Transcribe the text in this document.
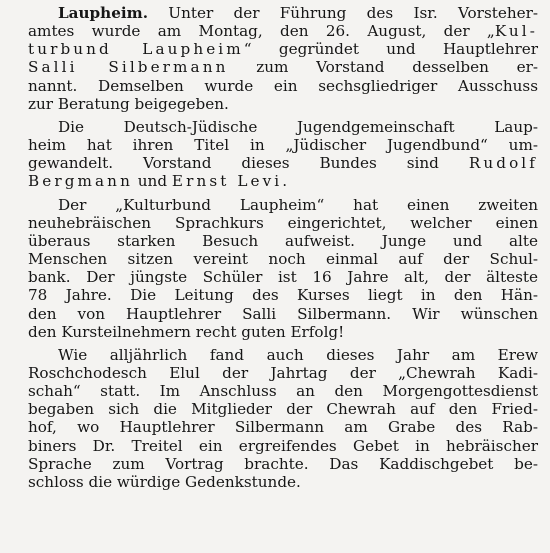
Laupheim. Unter der Führung des Isr. Vorsteher-
amtes wurde am Montag, den 26. August, der „Kul-
turbund Laupheim“ gegründet und Hauptlehrer
Salli Silbermann zum Vorstand desselben er-
nannt. Demselben wurde ein sechsgliedriger Ausschuss
zur Beratung beigegeben.
Die Deutsch-Jüdische Jugendgemeinschaft Laup-
heim hat ihren Titel in „Jüdischer Jugendbund“ um-
gewandelt. Vorstand dieses Bundes sind Rudolf
Bergmann und Ernst Levi.
Der „Kulturbund Laupheim“ hat einen zweiten
neuhebräischen Sprachkurs eingerichtet, welcher einen
überaus starken Besuch aufweist. Junge und alte
Menschen sitzen vereint noch einmal auf der Schul-
bank. Der jüngste Schüler ist 16 Jahre alt, der älteste
78 Jahre. Die Leitung des Kurses liegt in den Hän-
den von Hauptlehrer Salli Silbermann. Wir wünschen
den Kursteilnehmern recht guten Erfolg!
Wie alljährlich fand auch dieses Jahr am Erew
Roschchodesch Elul der Jahrtag der „Chewrah Kadi-
schah“ statt. Im Anschluss an den Morgengottesdienst
begaben sich die Mitglieder der Chewrah auf den Fried-
hof, wo Hauptlehrer Silbermann am Grabe des Rab-
biners Dr. Treitel ein ergreifendes Gebet in hebräischer
Sprache zum Vortrag brachte. Das Kaddischgebet be-
schloss die würdige Gedenkstunde.
